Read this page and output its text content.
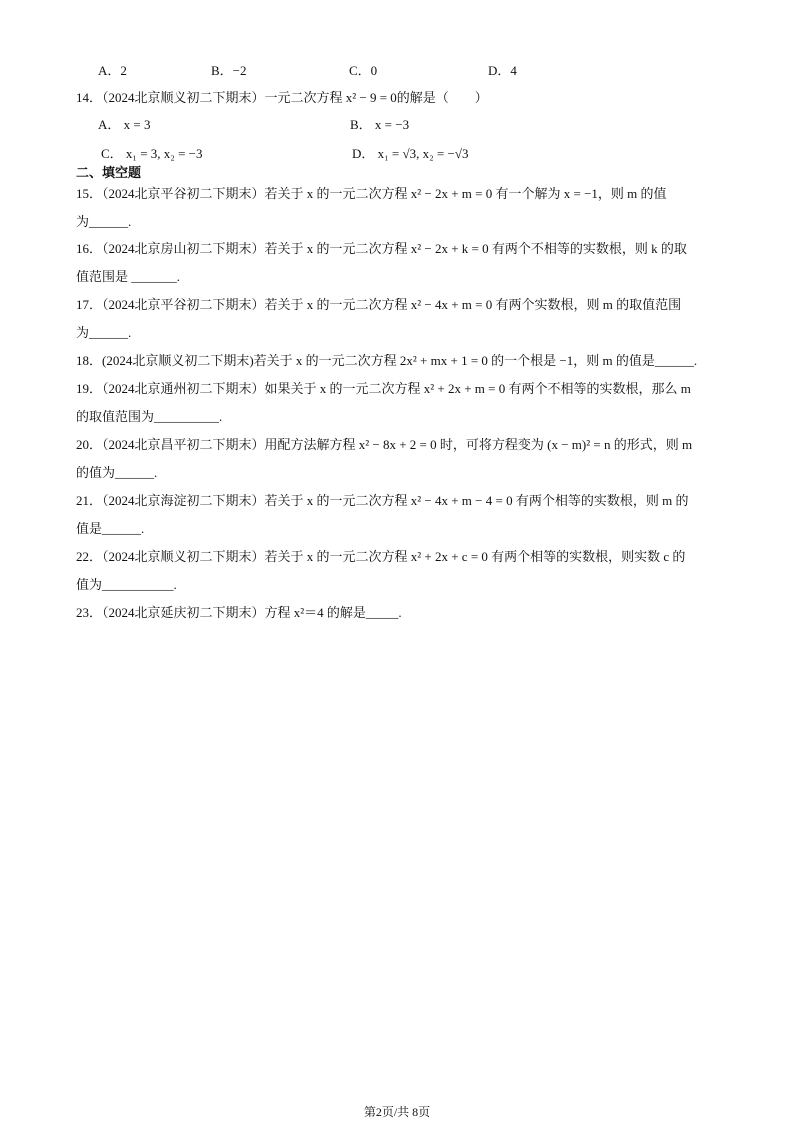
A．2	B．−2	C．0	D．4
14．（2024北京顺义初二下期末）一元二次方程 x² − 9 = 0的解是（　　）
A． x = 3	B． x = −3
C． x₁ = 3, x₂ = −3	D． x₁ = √3, x₂ = −√3
二、填空题
15．（2024北京平谷初二下期末）若关于 x 的一元二次方程 x² − 2x + m = 0 有一个解为 x = −1，则 m 的值
为______.
16．（2024北京房山初二下期末）若关于 x 的一元二次方程 x² − 2x + k = 0 有两个不相等的实数根，则 k 的取
值范围是 _______.
17．（2024北京平谷初二下期末）若关于 x 的一元二次方程 x² − 4x + m = 0 有两个实数根，则 m 的取值范围
为______.
18．(2024北京顺义初二下期末)若关于 x 的一元二次方程 2x² + mx + 1 = 0 的一个根是 −1，则 m 的值是______.
19．（2024北京通州初二下期末）如果关于 x 的一元二次方程 x² + 2x + m = 0 有两个不相等的实数根，那么 m
的取值范围为__________.
20．（2024北京昌平初二下期末）用配方法解方程 x² − 8x + 2 = 0 时，可将方程变为 (x − m)² = n 的形式，则 m
的值为______.
21．（2024北京海淀初二下期末）若关于 x 的一元二次方程 x² − 4x + m − 4 = 0 有两个相等的实数根，则 m 的
值是______.
22．（2024北京顺义初二下期末）若关于 x 的一元二次方程 x² + 2x + c = 0 有两个相等的实数根，则实数 c 的
值为___________.
23．（2024北京延庆初二下期末）方程 x²＝4 的解是_____.
第2页/共 8页
